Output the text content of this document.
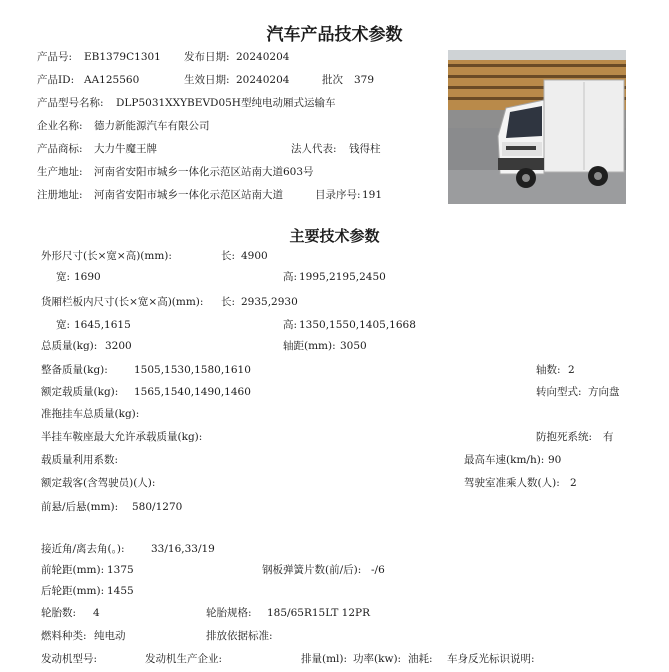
汽车产品技术参数
产品号: EB1379C1301 发布日期: 20240204
产品ID: AA125560	生效日期: 20240204	批次 379
产品型号名称: DLP5031XXYBEVD05H型纯电动厢式运输车
企业名称: 德力新能源汽车有限公司
产品商标: 大力牛魔王牌	法人代表: 钱得柱
生产地址: 河南省安阳市城乡一体化示范区站南大道603号
注册地址: 河南省安阳市城乡一体化示范区站南大道	目录序号: 191
主要技术参数
外形尺寸(长×宽×高)(mm):	长: 4900
宽: 1690	高: 1995,2195,2450
货厢栏板内尺寸(长×宽×高)(mm): 长: 2935,2930
宽: 1645,1615	高: 1350,1550,1405,1668
总质量(kg): 3200	轴距(mm): 3050
整备质量(kg): 1505,1530,1580,1610	轴数: 2
额定载质量(kg): 1565,1540,1490,1460	转向型式: 方向盘
准拖挂车总质量(kg):
半挂车鞍座最大允许承载质量(kg):	防抱死系统: 有
载质量利用系数:	最高车速(km/h): 90
额定载客(含驾驶员)(人):	驾驶室准乘人数(人): 2
前悬/后悬(mm): 580/1270
接近角/离去角(。):	33/16,33/19
前轮距(mm): 1375	钢板弹簧片数(前/后): -/6
后轮距(mm): 1455
轮胎数: 4	轮胎规格: 185/65R15LT 12PR
燃料种类: 纯电动	排放依据标准:
发动机型号:	发动机生产企业:	排量(ml): 功率(kw): 油耗: 车身反光标识说明:
